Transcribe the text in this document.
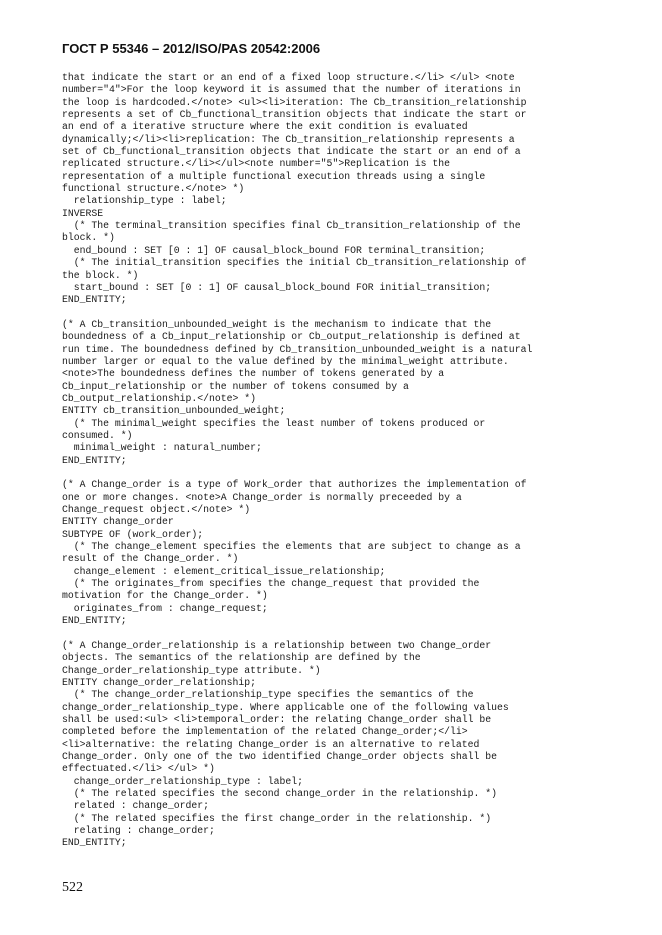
ГОСТ Р 55346 – 2012/ISO/PAS 20542:2006
that indicate the start or an end of a fixed loop structure.</li> </ul> <note
number="4">For the loop keyword it is assumed that the number of iterations in
the loop is hardcoded.</note> <ul><li>iteration: The Cb_transition_relationship
represents a set of Cb_functional_transition objects that indicate the start or
an end of a iterative structure where the exit condition is evaluated
dynamically;</li><li>replication: The Cb_transition_relationship represents a
set of Cb_functional_transition objects that indicate the start or an end of a
replicated structure.</li></ul><note number="5">Replication is the
representation of a multiple functional execution threads using a single
functional structure.</note> *)
relationship_type : label;
INVERSE
(* The terminal_transition specifies final Cb_transition_relationship of the
block. *)
end_bound : SET [0 : 1] OF causal_block_bound FOR terminal_transition;
(* The initial_transition specifies the initial Cb_transition_relationship of
the block. *)
start_bound : SET [0 : 1] OF causal_block_bound FOR initial_transition;
END_ENTITY;
(* A Cb_transition_unbounded_weight is the mechanism to indicate that the
boundedness of a Cb_input_relationship or Cb_output_relationship is defined at
run time. The boundedness defined by Cb_transition_unbounded_weight is a natural
number larger or equal to the value defined by the minimal_weight attribute.
<note>The boundedness defines the number of tokens generated by a
Cb_input_relationship or the number of tokens consumed by a
Cb_output_relationship.</note> *)
ENTITY cb_transition_unbounded_weight;
(* The minimal_weight specifies the least number of tokens produced or
consumed. *)
minimal_weight : natural_number;
END_ENTITY;
(* A Change_order is a type of Work_order that authorizes the implementation of
one or more changes. <note>A Change_order is normally preceeded by a
Change_request object.</note> *)
ENTITY change_order
SUBTYPE OF (work_order);
(* The change_element specifies the elements that are subject to change as a
result of the Change_order. *)
change_element : element_critical_issue_relationship;
(* The originates_from specifies the change_request that provided the
motivation for the Change_order. *)
originates_from : change_request;
END_ENTITY;
(* A Change_order_relationship is a relationship between two Change_order
objects. The semantics of the relationship are defined by the
Change_order_relationship_type attribute. *)
ENTITY change_order_relationship;
(* The change_order_relationship_type specifies the semantics of the
change_order_relationship_type. Where applicable one of the following values
shall be used:<ul> <li>temporal_order: the relating Change_order shall be
completed before the implementation of the related Change_order;</li>
<li>alternative: the relating Change_order is an alternative to related
Change_order. Only one of the two identified Change_order objects shall be
effectuated.</li> </ul> *)
change_order_relationship_type : label;
(* The related specifies the second change_order in the relationship. *)
related : change_order;
(* The related specifies the first change_order in the relationship. *)
relating : change_order;
END_ENTITY;
522
